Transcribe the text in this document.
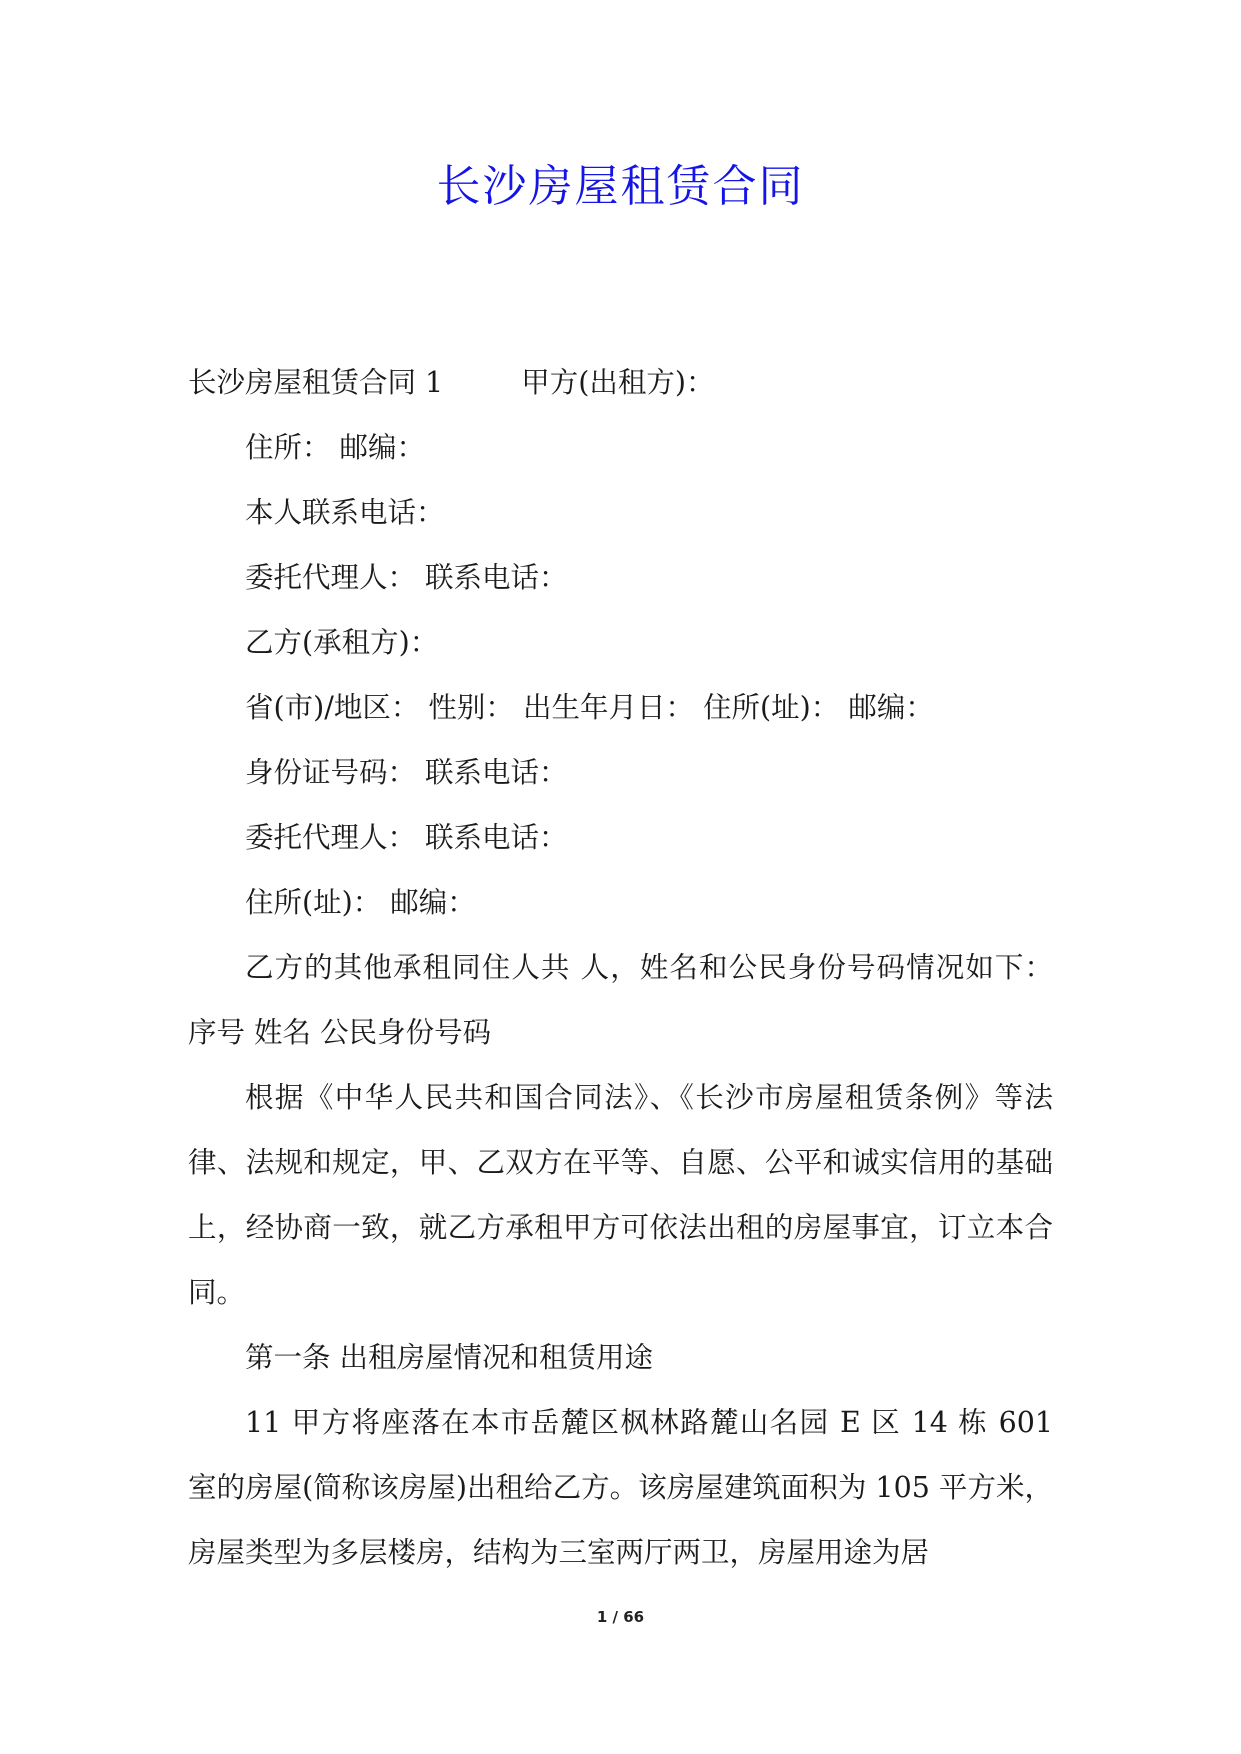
长沙房屋租赁合同

长沙房屋租赁合同 1	甲方(出租方)：

住所： 邮编：

本人联系电话：

委托代理人： 联系电话：

乙方(承租方)：

省(市)/地区： 性别： 出生年月日： 住所(址)： 邮编：

身份证号码： 联系电话：

委托代理人： 联系电话：

住所(址)： 邮编：

乙方的其他承租同住人共 人，姓名和公民身份号码情况如下： 序号 姓名 公民身份号码

根据《中华人民共和国合同法》、《长沙市房屋租赁条例》等法律、法规和规定，甲、乙双方在平等、自愿、公平和诚实信用的基础上，经协商一致，就乙方承租甲方可依法出租的房屋事宜，订立本合同。

第一条 出租房屋情况和租赁用途

11 甲方将座落在本市岳麓区枫林路麓山名园 E 区 14 栋 601 室的房屋(简称该房屋)出租给乙方。该房屋建筑面积为 105 平方米，房屋类型为多层楼房，结构为三室两厅两卫，房屋用途为居

1 / 66
